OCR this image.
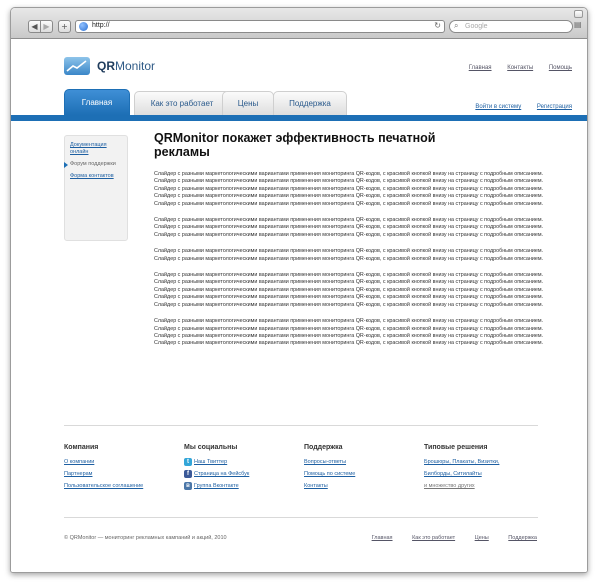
◀ ▶	+	http://	↻ ⌕ Google	▤
QRMonitor	Главная	Контакты	Помощь
Главная	Как это работает	Цены	Поддержка	Войти в систему	Регистрация
Документация онлайн
Форум поддержки
Форма контактов
QRMonitor покажет эффективность печатной рекламы

Слайдер с разными маркетологическими вариантами применения мониторинга QR-кодов, с красивой кнопкой внизу на страницу с подробным описанием. Слайдер с разными маркетологическими вариантами применения мониторинга QR-кодов, с красивой кнопкой внизу на страницу с подробным описанием. Слайдер с разными маркетологическими вариантами применения мониторинга QR-кодов, с красивой кнопкой внизу на страницу с подробным описанием. Слайдер с разными маркетологическими вариантами применения мониторинга QR-кодов, с красивой кнопкой внизу на страницу с подробным описанием. Слайдер с разными маркетологическими вариантами применения мониторинга QR-кодов, с красивой кнопкой внизу на страницу с подробным описанием.

Слайдер с разными маркетологическими вариантами применения мониторинга QR-кодов, с красивой кнопкой внизу на страницу с подробным описанием. Слайдер с разными маркетологическими вариантами применения мониторинга QR-кодов, с красивой кнопкой внизу на страницу с подробным описанием. Слайдер с разными маркетологическими вариантами применения мониторинга QR-кодов, с красивой кнопкой внизу на страницу с подробным описанием.

Слайдер с разными маркетологическими вариантами применения мониторинга QR-кодов, с красивой кнопкой внизу на страницу с подробным описанием. Слайдер с разными маркетологическими вариантами применения мониторинга QR-кодов, с красивой кнопкой внизу на страницу с подробным описанием.

Слайдер с разными маркетологическими вариантами применения мониторинга QR-кодов, с красивой кнопкой внизу на страницу с подробным описанием. Слайдер с разными маркетологическими вариантами применения мониторинга QR-кодов, с красивой кнопкой внизу на страницу с подробным описанием. Слайдер с разными маркетологическими вариантами применения мониторинга QR-кодов, с красивой кнопкой внизу на страницу с подробным описанием. Слайдер с разными маркетологическими вариантами применения мониторинга QR-кодов, с красивой кнопкой внизу на страницу с подробным описанием. Слайдер с разными маркетологическими вариантами применения мониторинга QR-кодов, с красивой кнопкой внизу на страницу с подробным описанием.

Слайдер с разными маркетологическими вариантами применения мониторинга QR-кодов, с красивой кнопкой внизу на страницу с подробным описанием. Слайдер с разными маркетологическими вариантами применения мониторинга QR-кодов, с красивой кнопкой внизу на страницу с подробным описанием. Слайдер с разными маркетологическими вариантами применения мониторинга QR-кодов, с красивой кнопкой внизу на страницу с подробным описанием. Слайдер с разными маркетологическими вариантами применения мониторинга QR-кодов, с красивой кнопкой внизу на страницу с подробным описанием.

Компания
О компании
Партнерам
Пользовательское соглашение
Мы социальны
t Наш Твиттер
f Страница на Фейсбук
в Группа Вконтакте
Поддержка
Вопросы-ответы
Помощь по системе
Контакты
Типовые решения
Брошюры, Плакаты, Визитки,
Билборды, Ситилайты
и множество других
© QRMonitor — мониторинг рекламных кампаний и акций, 2010	Главная	Как это работает	Цены	Поддержка
